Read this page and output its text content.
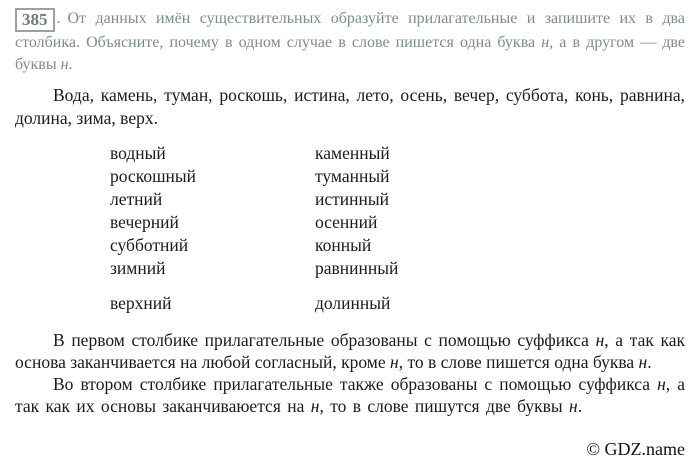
385 . От данных имён существительных образуйте прилагательные и запишите их в два столбика. Объясните, почему в одном случае в слове пишется одна буква н, а в другом — две буквы н.

Вода, камень, туман, роскошь, истина, лето, осень, вечер, суббота, конь, равнина, долина, зима, верх.

водный
роскошный
летний
вечерний
субботний
зимний
верхний
каменный
туманный
истинный
осенний
конный
равнинный
долинный

В первом столбике прилагательные образованы с помощью суффикса н, а так как основа заканчивается на любой согласный, кроме н, то в слове пишется одна буква н.

Во втором столбике прилагательные также образованы с помощью суффикса н, а так как их основы заканчиваюется на н, то в слове пишутся две буквы н.

© GDZ.name
